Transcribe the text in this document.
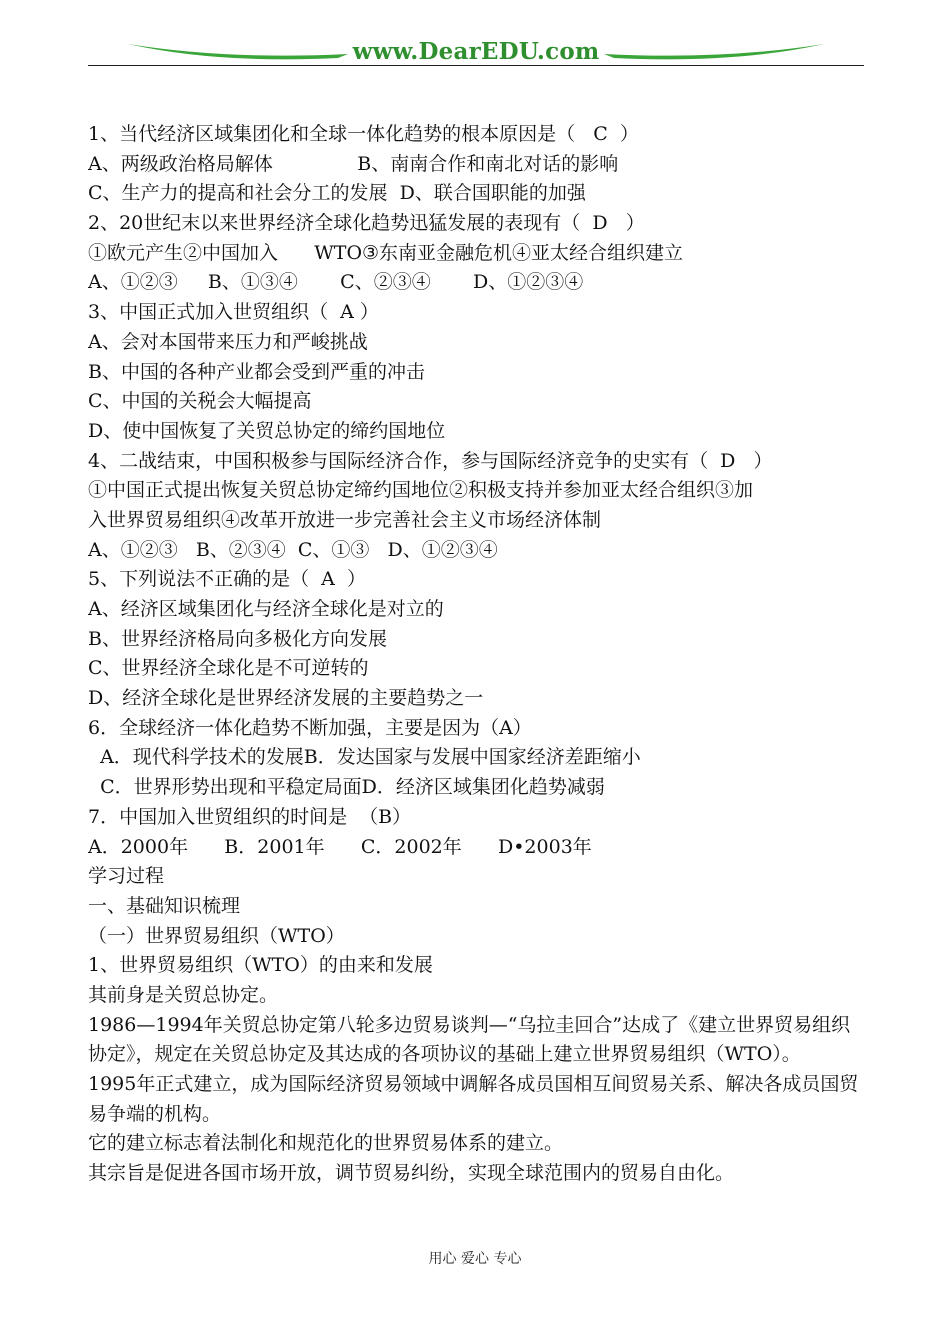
www.DearEDU.com
1、当代经济区域集团化和全球一体化趋势的根本原因是（   C  ）
A、两级政治格局解体              B、南南合作和南北对话的影响
C、生产力的提高和社会分工的发展  D、联合国职能的加强
2、20世纪末以来世界经济全球化趋势迅猛发展的表现有（  D   ）
①欧元产生②中国加入      WTO③东南亚金融危机④亚太经合组织建立
A、①②③     B、①③④       C、②③④       D、①②③④
3、中国正式加入世贸组织（  A ）
A、会对本国带来压力和严峻挑战
B、中国的各种产业都会受到严重的冲击
C、中国的关税会大幅提高
D、使中国恢复了关贸总协定的缔约国地位
4、二战结束，中国积极参与国际经济合作，参与国际经济竞争的史实有（  D   ）
①中国正式提出恢复关贸总协定缔约国地位②积极支持并参加亚太经合组织③加
入世界贸易组织④改革开放进一步完善社会主义市场经济体制
A、①②③   B、②③④  C、①③   D、①②③④
5、下列说法不正确的是（  A  ）
A、经济区域集团化与经济全球化是对立的
B、世界经济格局向多极化方向发展
C、世界经济全球化是不可逆转的
D、经济全球化是世界经济发展的主要趋势之一
6．全球经济一体化趋势不断加强，主要是因为（A）
A．现代科学技术的发展B．发达国家与发展中国家经济差距缩小
C．世界形势出现和平稳定局面D．经济区域集团化趋势减弱
7．中国加入世贸组织的时间是  （B）
A．2000年      B．2001年      C．2002年      D•2003年
学习过程
一、基础知识梳理
（一）世界贸易组织（WTO）
1、世界贸易组织（WTO）的由来和发展
其前身是关贸总协定。
1986—1994年关贸总协定第八轮多边贸易谈判—“乌拉圭回合”达成了《建立世界贸易组织协定》，规定在关贸总协定及其达成的各项协议的基础上建立世界贸易组织（WTO）。
1995年正式建立，成为国际经济贸易领域中调解各成员国相互间贸易关系、解决各成员国贸易争端的机构。
它的建立标志着法制化和规范化的世界贸易体系的建立。
其宗旨是促进各国市场开放，调节贸易纠纷，实现全球范围内的贸易自由化。
用心 爱心 专心
